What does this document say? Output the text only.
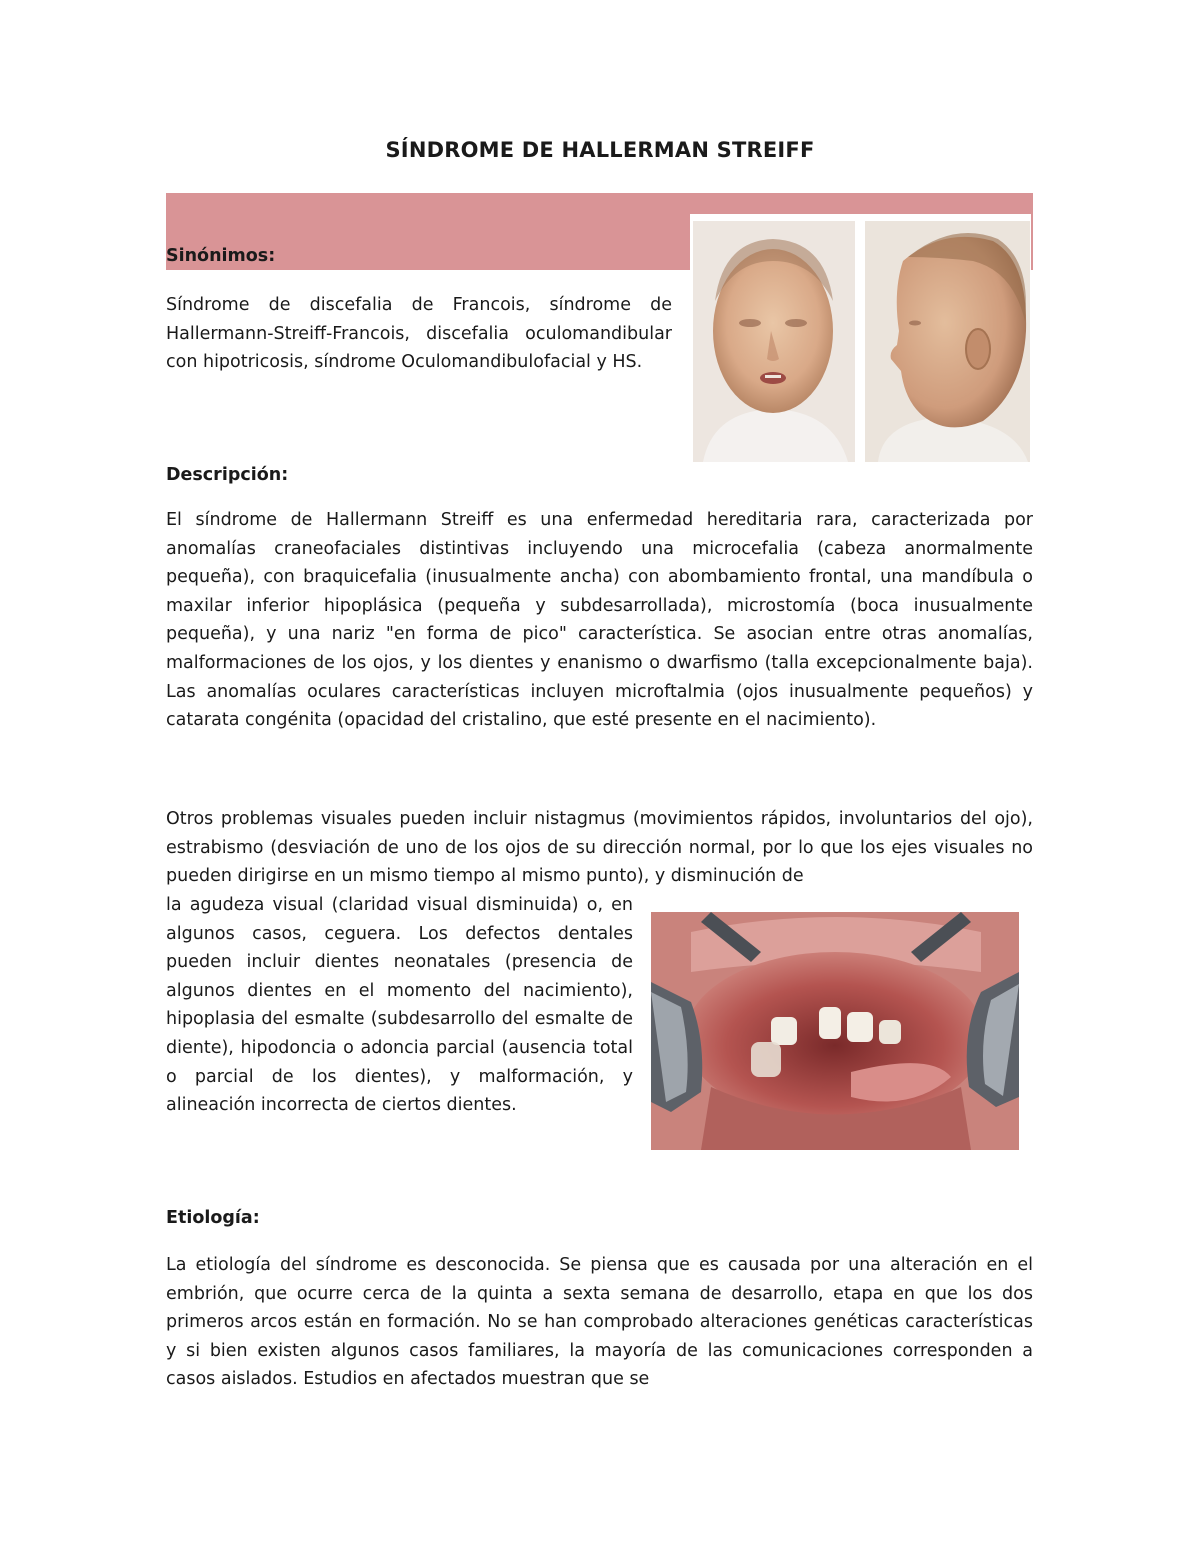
SÍNDROME DE HALLERMAN STREIFF
Sinónimos:

Síndrome de discefalia de Francois, síndrome de Hallermann-Streiff-Francois, discefalia oculomandibular con hipotricosis, síndrome Oculomandibulofacial y HS.

Descripción:

El síndrome de Hallermann Streiff es una enfermedad hereditaria rara, caracterizada por anomalías craneofaciales distintivas incluyendo una microcefalia (cabeza anormalmente pequeña), con braquicefalia (inusualmente ancha) con abombamiento frontal, una mandíbula o maxilar inferior hipoplásica (pequeña y subdesarrollada), microstomía (boca inusualmente pequeña), y una nariz "en forma de pico" característica. Se asocian entre otras anomalías, malformaciones de los ojos, y los dientes y enanismo o dwarfismo (talla excepcionalmente baja). Las anomalías oculares características incluyen microftalmia (ojos inusualmente pequeños) y catarata congénita (opacidad del cristalino, que esté presente en el nacimiento).

Otros problemas visuales pueden incluir nistagmus (movimientos rápidos, involuntarios del ojo), estrabismo (desviación de uno de los ojos de su dirección normal, por lo que los ejes visuales no pueden dirigirse en un mismo tiempo al mismo punto), y disminución de

la agudeza visual (claridad visual disminuida) o, en algunos casos, ceguera. Los defectos dentales pueden incluir dientes neonatales (presencia de algunos dientes en el momento del nacimiento), hipoplasia del esmalte (subdesarrollo del esmalte de diente), hipodoncia o adoncia parcial (ausencia total o parcial de los dientes), y malformación, y alineación incorrecta de ciertos dientes.

Etiología:

La etiología del síndrome es desconocida. Se piensa que es causada por una alteración en el embrión, que ocurre cerca de la quinta a sexta semana de desarrollo, etapa en que los dos primeros arcos están en formación. No se han comprobado alteraciones genéticas características y si bien existen algunos casos familiares, la mayoría de las comunicaciones corresponden a casos aislados. Estudios en afectados muestran que se
